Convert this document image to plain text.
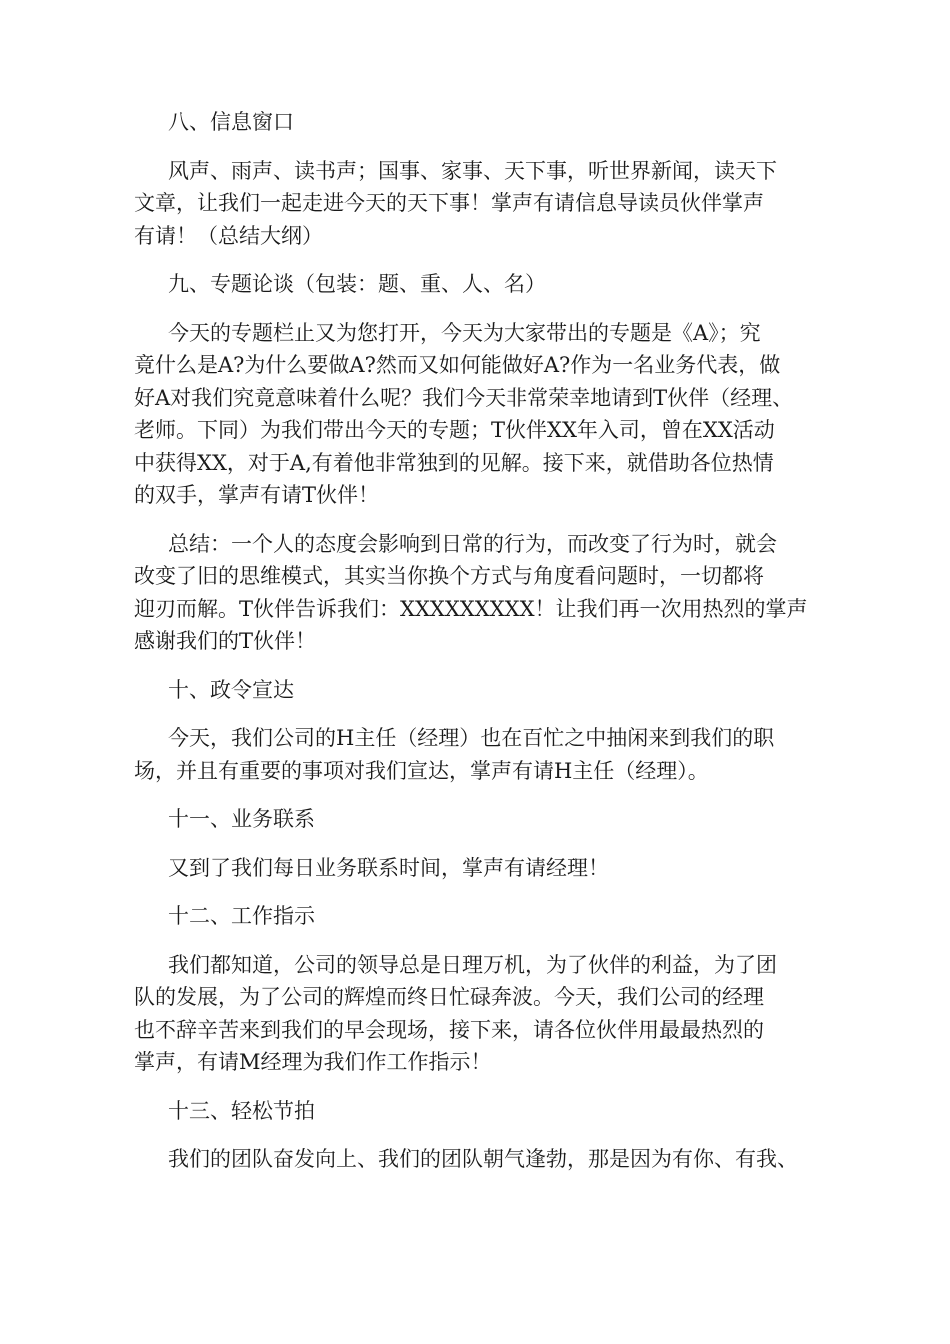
八、信息窗口

风声、雨声、读书声；国事、家事、天下事，听世界新闻，读天下
文章，让我们一起走进今天的天下事！掌声有请信息导读员伙伴掌声
有请！（总结大纲）

九、专题论谈（包装：题、重、人、名）

今天的专题栏止又为您打开，今天为大家带出的专题是《A》；究
竟什么是A?为什么要做A?然而又如何能做好A?作为一名业务代表，做
好A对我们究竟意味着什么呢？我们今天非常荣幸地请到T伙伴（经理、
老师。下同）为我们带出今天的专题；T伙伴XX年入司，曾在XX活动
中获得XX，对于A,有着他非常独到的见解。接下来，就借助各位热情
的双手，掌声有请T伙伴！

总结：一个人的态度会影响到日常的行为，而改变了行为时，就会
改变了旧的思维模式，其实当你换个方式与角度看问题时，一切都将
迎刃而解。T伙伴告诉我们：XXXXXXXXX！让我们再一次用热烈的掌声
感谢我们的T伙伴！

十、政令宣达

今天，我们公司的H主任（经理）也在百忙之中抽闲来到我们的职
场，并且有重要的事项对我们宣达，掌声有请H主任（经理）。

十一、业务联系

又到了我们每日业务联系时间，掌声有请经理！

十二、工作指示

我们都知道，公司的领导总是日理万机，为了伙伴的利益，为了团
队的发展，为了公司的辉煌而终日忙碌奔波。今天，我们公司的经理
也不辞辛苦来到我们的早会现场，接下来，请各位伙伴用最最热烈的
掌声，有请M经理为我们作工作指示！

十三、轻松节拍

我们的团队奋发向上、我们的团队朝气逢勃，那是因为有你、有我、
